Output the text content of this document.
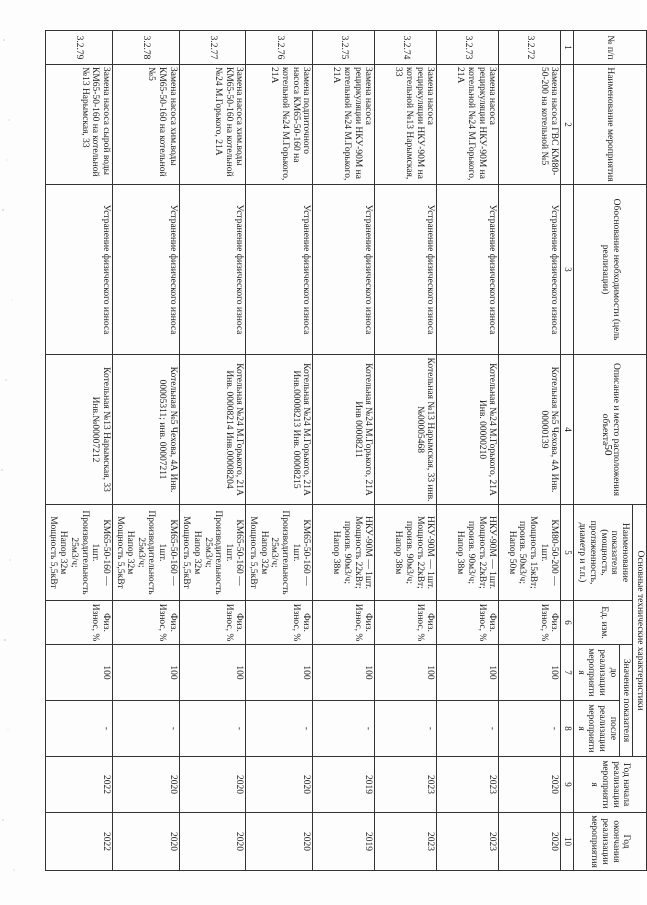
50
№ п/п	Наименование мероприятия	Обоснование необходимости (цель реализации)	Описание и место расположения объекта	Основные технические характеристики				Год начала реализации мероприятия	Год окончания реализации мероприятия
				Наименование показателя (мощность, протяженность, диаметр и т.п.)	Ед. изм.	Значение показателя			
						до реализации мероприятия	после реализации мероприятия		
1	2	3	4	5	6	7	8	9	10
3.2.72	Замена насоса ГВС КМ80-50-200 на котельной №5	Устранение физического износа	Котельная №5 Чехова, 4А Инв. 00000139	КМ80-50-200 —
1шт.
Мощность 15кВт;
произв. 50м3/ч;
Напор 50м	Физ. Износ, %	100	-	2020	2020
3.2.73	Замена насоса рециркуляции НКУ-90М на котельной №24 М.Горького, 21А	Устранение физического износа	Котельная №24 М.Горького, 21А Инв. 00000210	НКУ-90М — 1шт.
Мощность 22кВт;
произв. 90м3/ч;
Напор 38м	Физ. Износ, %	100	-	2023	2023
3.2.74	Замена насоса рециркуляции НКУ-90М на котельной №13 Нарымская, 33	Устранение физического износа	Котельная №13 Нарымская, 33 инв. №00005468	НКУ-90М — 1шт.
Мощность 22кВт;
произв. 90м3/ч;
Напор 38м	Физ. Износ, %	100	-	2023	2023
3.2.75	Замена насоса рециркуляции НКУ-90М на котельной №24 М.Горького, 21А	Устранение физического износа	Котельная №24 М.Горького, 21А Инв 00008211	НКУ-90М — 1шт.
Мощность 22кВт;
произв. 90м3/ч;
Напор 38м	Физ. Износ, %	100	-	2019	2019
3.2.76	Замена подпиточного насоса КМ65-50-160 на котельной №24 М.Горького, 21А	Устранение физического износа	Котельная №24 М.Горького, 21А Инв.00008213 Инв. 00008215	КМ65-50-160 —
1шт.
Производительность 25м3/ч;
Напор 32м
Мощность 5,5кВт	Физ. Износ, %	100	-	2020	2020
3.2.77	Замена насоса хим.воды КМ65-50-160 на котельной №24 М.Горького, 21А	Устранение физического износа	Котельная №24 М.Горького, 21А Инв. 00008214 Инв.00008204	КМ65-50-160 —
1шт.
Производительность 25м3/ч;
Напор 32м
Мощность 5,5кВт	Физ. Износ, %	100	-	2020	2020
3.2.78	Замена насоса хим.воды КМ65-50-160 на котельной №5	Устранение физического износа	Котельная №5 Чехова, 4А Инв. 00005311; инв. 00007211	КМ65-50-160 —
1шт.
Производительность 25м3/ч;
Напор 32м
Мощность 5,5кВт	Физ. Износ, %	100	-	2020	2020
3.2.79	Замена насоса сырой воды КМ65-50-160 на котельной №13 Нарымская, 33	Устранение физического износа	Котельная №13 Нарымская, 33 Инв.№00007212	КМ65-50-160 —
1шт.
Производительность 25м3/ч;
Напор 32м
Мощность 5,5кВт	Физ. Износ, %	100	-	2022	2022
